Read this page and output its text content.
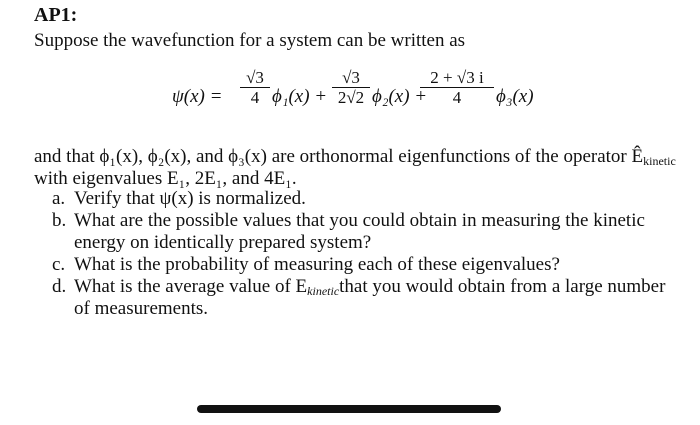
AP1:
Suppose the wavefunction for a system can be written as
ψ(x) =
√3
4 ϕ₁(x) +
√3
2√2 ϕ₂(x) +
2 + √3 i
4	ϕ₃(x)
and that ϕ₁(x), ϕ₂(x), and ϕ₃(x) are orthonormal eigenfunctions of the operator $Ê_{kinetic}$
with eigenvalues E₁, 2E₁, and 4E₁.
a. Verify that ψ(x) is normalized.
b. What are the possible values that you could obtain in measuring the kinetic
energy on identically prepared system?
c. What is the probability of measuring each of these eigenvalues?
d. What is the average value of $E_{kinetic}that$ you would obtain from a large number
of measurements.
